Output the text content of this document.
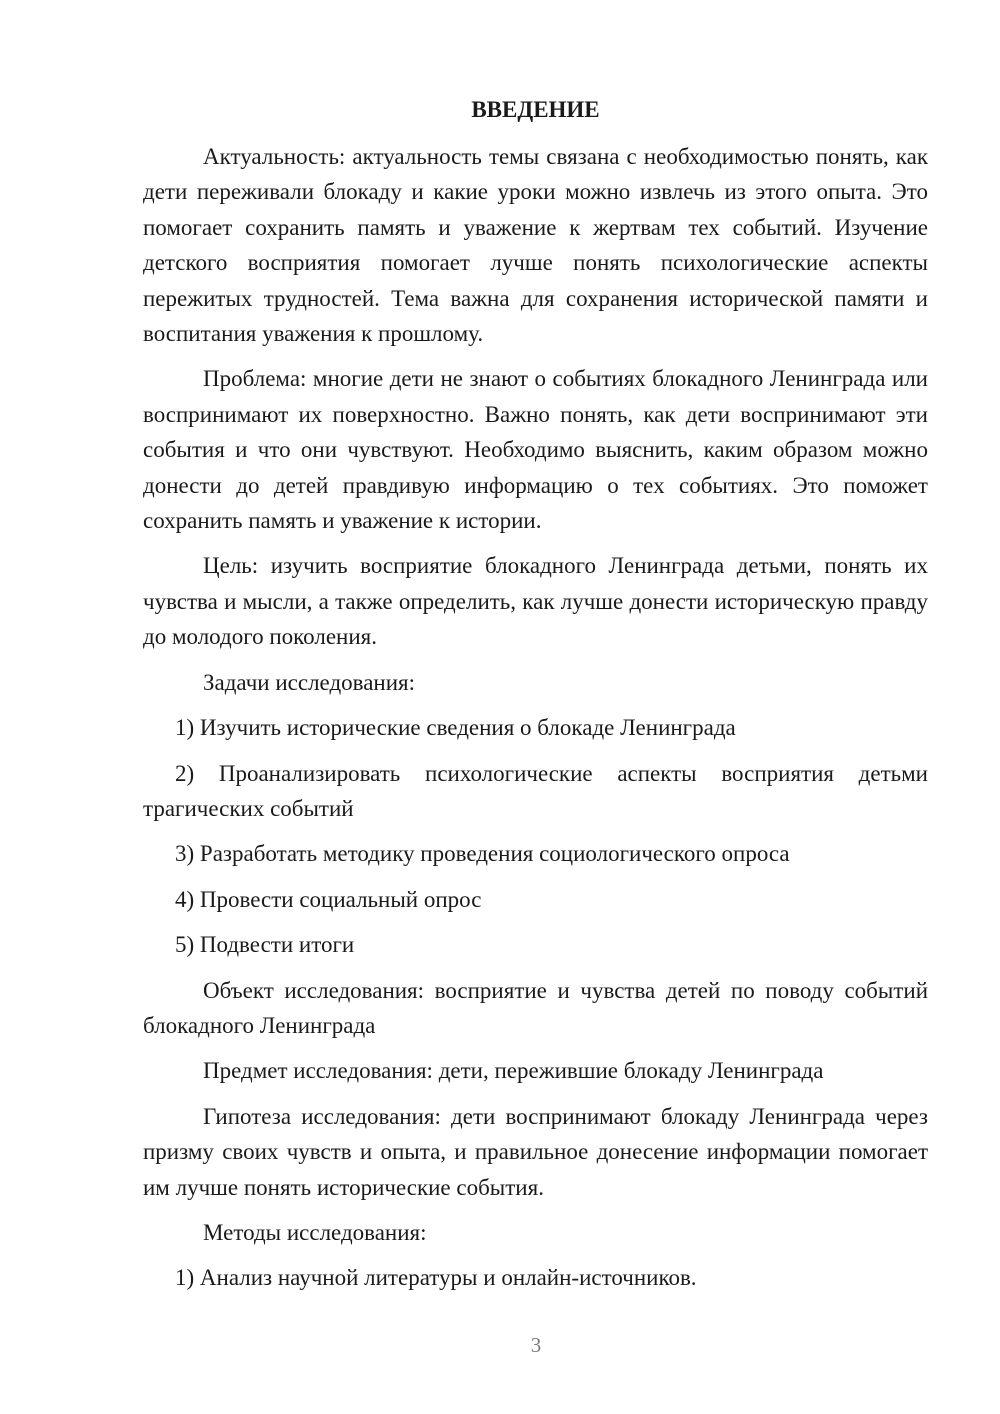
ВВЕДЕНИЕ

Актуальность: актуальность темы связана с необходимостью понять, как дети переживали блокаду и какие уроки можно извлечь из этого опыта. Это помогает сохранить память и уважение к жертвам тех событий. Изучение детского восприятия помогает лучше понять психологические аспекты пережитых трудностей. Тема важна для сохранения исторической памяти и воспитания уважения к прошлому.

Проблема: многие дети не знают о событиях блокадного Ленинграда или воспринимают их поверхностно. Важно понять, как дети воспринимают эти события и что они чувствуют. Необходимо выяснить, каким образом можно донести до детей правдивую информацию о тех событиях. Это поможет сохранить память и уважение к истории.

Цель: изучить восприятие блокадного Ленинграда детьми, понять их чувства и мысли, а также определить, как лучше донести историческую правду до молодого поколения.

Задачи исследования:

1) Изучить исторические сведения о блокаде Ленинграда

2) Проанализировать психологические аспекты восприятия детьми трагических событий

3) Разработать методику проведения социологического опроса

4) Провести социальный опрос

5) Подвести итоги

Объект исследования: восприятие и чувства детей по поводу событий блокадного Ленинграда

Предмет исследования: дети, пережившие блокаду Ленинграда

Гипотеза исследования: дети воспринимают блокаду Ленинграда через призму своих чувств и опыта, и правильное донесение информации помогает им лучше понять исторические события.

Методы исследования:

1) Анализ научной литературы и онлайн-источников.

3
